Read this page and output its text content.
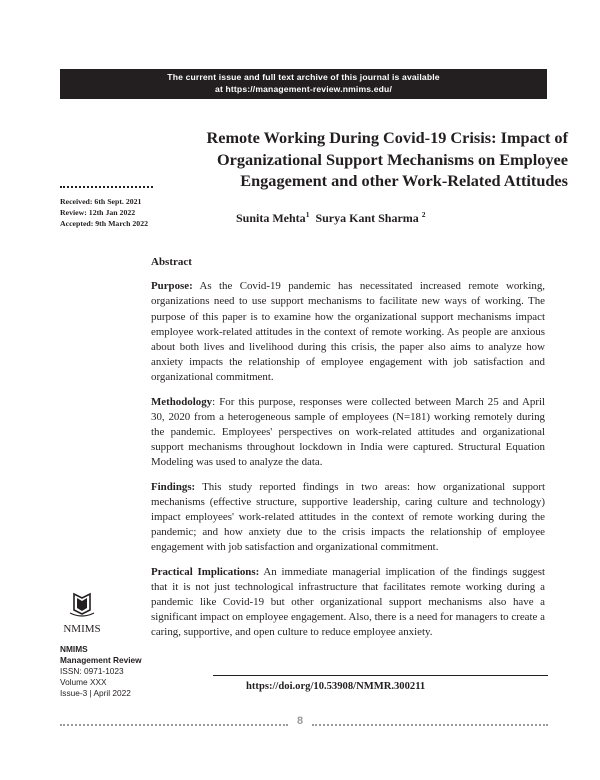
The current issue and full text archive of this journal is available
at https://management-review.nmims.edu/
Remote Working During Covid-19 Crisis: Impact of
Organizational Support Mechanisms on Employee
Engagement and other Work-Related Attitudes
Received: 6th Sept. 2021
Review: 12th Jan 2022
Accepted: 9th March 2022	Sunita Mehta$^1$ Surya Kant Sharma $^2$
Abstract
Purpose: As the Covid-19 pandemic has necessitated increased remote working, organizations need to use support mechanisms to facilitate new ways of working. The purpose of this paper is to examine how the organizational support mechanisms impact employee work-related attitudes in the context of remote working. As people are anxious about both lives and livelihood during this crisis, the paper also aims to analyze how anxiety impacts the relationship of employee engagement with job satisfaction and organizational commitment.
Methodology: For this purpose, responses were collected between March 25 and April 30, 2020 from a heterogeneous sample of employees (N=181) working remotely during the pandemic. Employees' perspectives on work-related attitudes and organizational support mechanisms throughout lockdown in India were captured. Structural Equation Modeling was used to analyze the data.
Findings: This study reported findings in two areas: how organizational support mechanisms (effective structure, supportive leadership, caring culture and technology) impact employees' work-related attitudes in the context of remote working during the pandemic; and how anxiety due to the crisis impacts the relationship of employee engagement with job satisfaction and organizational commitment.
Practical Implications: An immediate managerial implication of the findings suggest that it is not just technological infrastructure that facilitates remote working during a pandemic like Covid-19 but other organizational support mechanisms also have a significant impact on employee engagement. Also, there is a need for managers to create a caring, supportive, and open culture to reduce employee anxiety.
NMIMS
NMIMS
Management Review
ISSN: 0971-1023
Volume XXX
Issue-3 | April 2022
https://doi.org/10.53908/NMMR.300211
8
